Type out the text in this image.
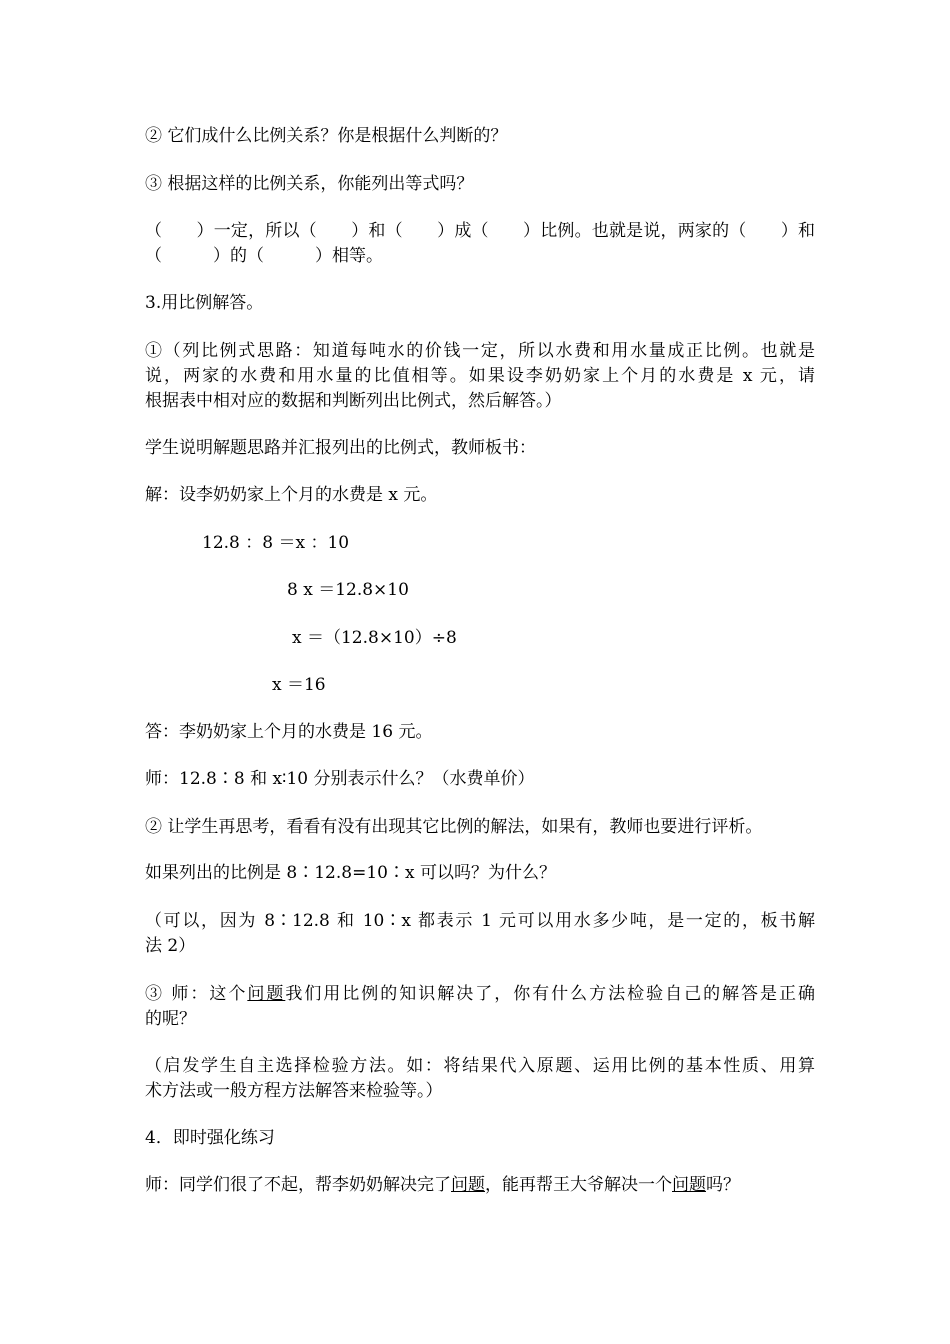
② 它们成什么比例关系？你是根据什么判断的？
③ 根据这样的比例关系，你能列出等式吗？
（　　）一定，所以（　　）和（　　）成（　　）比例。也就是说，两家的（　　）和
（　　　）的（　　　）相等。
3.用比例解答。
①（列比例式思路：知道每吨水的价钱一定，所以水费和用水量成正比例。也就是
说，两家的水费和用水量的比值相等。如果设李奶奶家上个月的水费是 x 元，请
根据表中相对应的数据和判断列出比例式，然后解答。）
学生说明解题思路并汇报列出的比例式，教师板书：
解：设李奶奶家上个月的水费是 x 元。
12.8 ：8 ＝x ：10
8 x ＝12.8×10
x ＝（12.8×10）÷8
x ＝16
答：李奶奶家上个月的水费是 16 元。
师：12.8∶8 和 x∶10 分别表示什么？（水费单价）
② 让学生再思考，看看有没有出现其它比例的解法，如果有，教师也要进行评析。
如果列出的比例是 8∶12.8=10∶x 可以吗？为什么？
（可以，因为 8∶12.8 和 10∶x 都表示 1 元可以用水多少吨，是一定的，板书解
法 2）
③ 师：这个问题我们用比例的知识解决了，你有什么方法检验自己的解答是正确
的呢？
（启发学生自主选择检验方法。如：将结果代入原题、运用比例的基本性质、用算
术方法或一般方程方法解答来检验等。）
4．即时强化练习
师：同学们很了不起，帮李奶奶解决完了问题，能再帮王大爷解决一个问题吗？
